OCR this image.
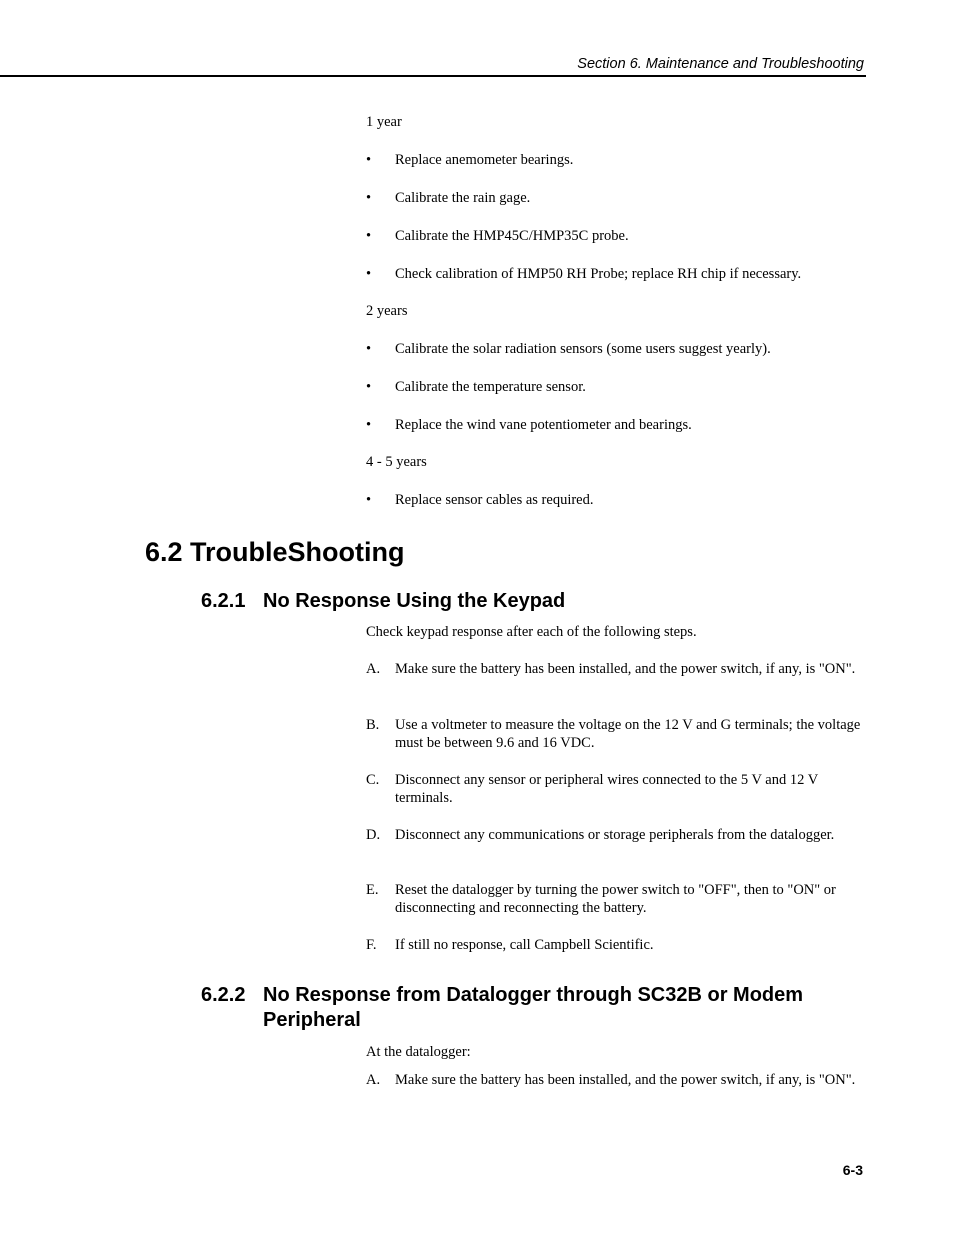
Section 6. Maintenance and Troubleshooting
1 year
• Replace anemometer bearings.
• Calibrate the rain gage.
• Calibrate the HMP45C/HMP35C probe.
• Check calibration of HMP50 RH Probe; replace RH chip if necessary.
2 years
• Calibrate the solar radiation sensors (some users suggest yearly).
• Calibrate the temperature sensor.
• Replace the wind vane potentiometer and bearings.
4 - 5 years
• Replace sensor cables as required.
6.2 TroubleShooting
6.2.1 No Response Using the Keypad
Check keypad response after each of the following steps.
A. Make sure the battery has been installed, and the power switch, if any, is "ON".
B. Use a voltmeter to measure the voltage on the 12 V and G terminals; the voltage must be between 9.6 and 16 VDC.
C. Disconnect any sensor or peripheral wires connected to the 5 V and 12 V terminals.
D. Disconnect any communications or storage peripherals from the datalogger.
E. Reset the datalogger by turning the power switch to "OFF", then to "ON" or disconnecting and reconnecting the battery.
F. If still no response, call Campbell Scientific.
6.2.2 No Response from Datalogger through SC32B or Modem Peripheral
At the datalogger:
A. Make sure the battery has been installed, and the power switch, if any, is "ON".
6-3
